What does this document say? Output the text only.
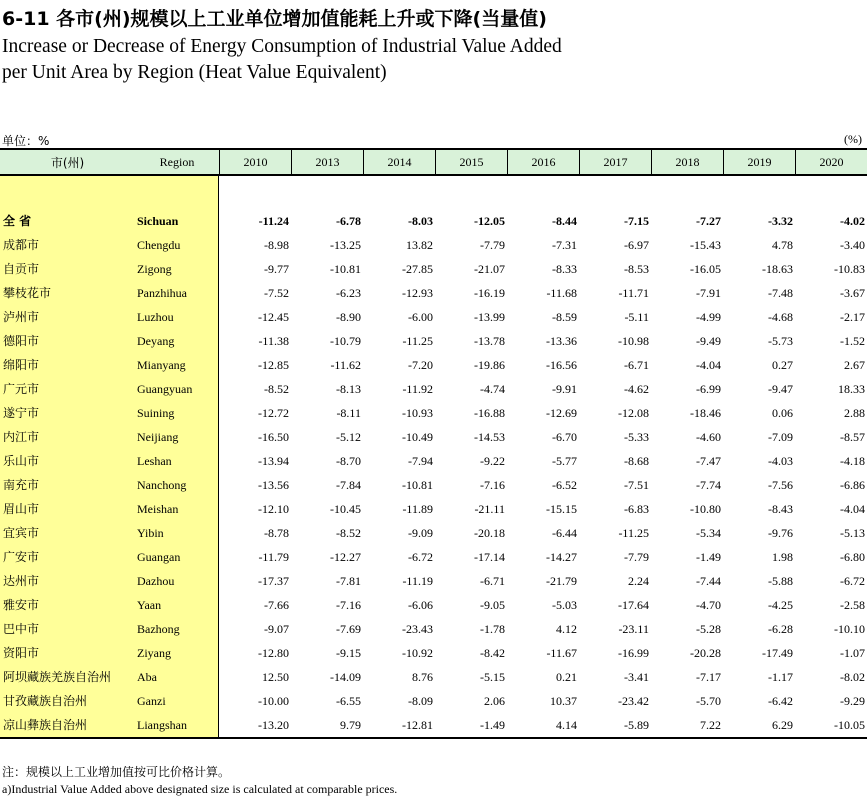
6-11 各市(州)规模以上工业单位增加值能耗上升或下降(当量值)
Increase or Decrease of Energy Consumption of Industrial Value Added
per Unit Area by Region (Heat Value Equivalent)
单位：%	(%)
市(州)	Region	2010	2013	2014	2015	2016	2017	2018	2019	2020
全 省	Sichuan	-11.24	-6.78	-8.03	-12.05	-8.44	-7.15	-7.27	-3.32	-4.02
成都市	Chengdu	-8.98	-13.25	13.82	-7.79	-7.31	-6.97	-15.43	4.78	-3.40
自贡市	Zigong	-9.77	-10.81	-27.85	-21.07	-8.33	-8.53	-16.05	-18.63	-10.83
攀枝花市	Panzhihua	-7.52	-6.23	-12.93	-16.19	-11.68	-11.71	-7.91	-7.48	-3.67
泸州市	Luzhou	-12.45	-8.90	-6.00	-13.99	-8.59	-5.11	-4.99	-4.68	-2.17
德阳市	Deyang	-11.38	-10.79	-11.25	-13.78	-13.36	-10.98	-9.49	-5.73	-1.52
绵阳市	Mianyang	-12.85	-11.62	-7.20	-19.86	-16.56	-6.71	-4.04	0.27	2.67
广元市	Guangyuan	-8.52	-8.13	-11.92	-4.74	-9.91	-4.62	-6.99	-9.47	18.33
遂宁市	Suining	-12.72	-8.11	-10.93	-16.88	-12.69	-12.08	-18.46	0.06	2.88
内江市	Neijiang	-16.50	-5.12	-10.49	-14.53	-6.70	-5.33	-4.60	-7.09	-8.57
乐山市	Leshan	-13.94	-8.70	-7.94	-9.22	-5.77	-8.68	-7.47	-4.03	-4.18
南充市	Nanchong	-13.56	-7.84	-10.81	-7.16	-6.52	-7.51	-7.74	-7.56	-6.86
眉山市	Meishan	-12.10	-10.45	-11.89	-21.11	-15.15	-6.83	-10.80	-8.43	-4.04
宜宾市	Yibin	-8.78	-8.52	-9.09	-20.18	-6.44	-11.25	-5.34	-9.76	-5.13
广安市	Guangan	-11.79	-12.27	-6.72	-17.14	-14.27	-7.79	-1.49	1.98	-6.80
达州市	Dazhou	-17.37	-7.81	-11.19	-6.71	-21.79	2.24	-7.44	-5.88	-6.72
雅安市	Yaan	-7.66	-7.16	-6.06	-9.05	-5.03	-17.64	-4.70	-4.25	-2.58
巴中市	Bazhong	-9.07	-7.69	-23.43	-1.78	4.12	-23.11	-5.28	-6.28	-10.10
资阳市	Ziyang	-12.80	-9.15	-10.92	-8.42	-11.67	-16.99	-20.28	-17.49	-1.07
阿坝藏族羌族自治州 Aba	12.50	-14.09	8.76	-5.15	0.21	-3.41	-7.17	-1.17	-8.02
甘孜藏族自治州	Ganzi	-10.00	-6.55	-8.09	2.06	10.37	-23.42	-5.70	-6.42	-9.29
凉山彝族自治州	Liangshan	-13.20	9.79	-12.81	-1.49	4.14	-5.89	7.22	6.29	-10.05
注：规模以上工业增加值按可比价格计算。
a)Industrial Value Added above designated size is calculated at comparable prices.
